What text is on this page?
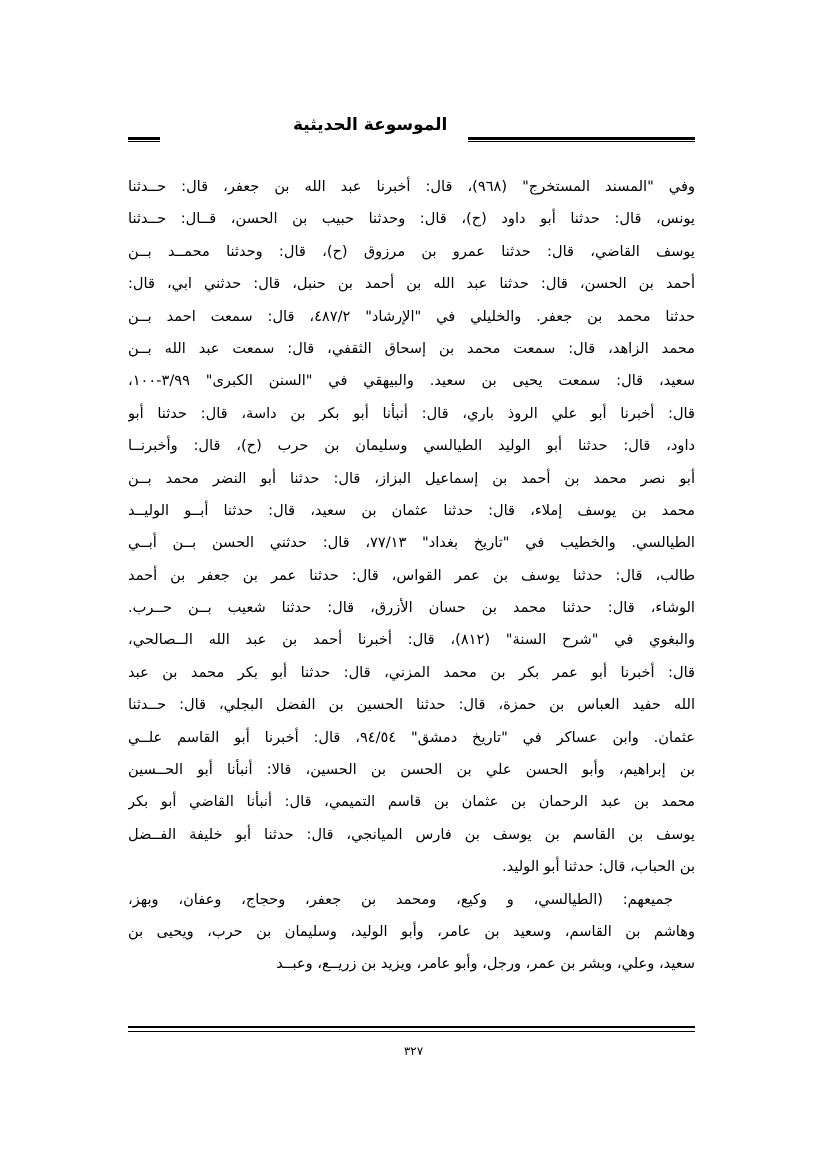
الموسوعة الحديثية
وفي "المسند المستخرج" (٩٦٨)، قال: أخبرنا عبد الله بن جعفر، قال: حــدثنا
يونس، قال: حدثنا أبو داود (ح)، قال: وحدثنا حبيب بن الحسن، قــال: حــدثنا
يوسف القاضي، قال: حدثنا عمرو بن مرزوق (ح)، قال: وحدثنا محمــد بــن
أحمد بن الحسن، قال: حدثنا عبد الله بن أحمد بن حنبل، قال: حدثني ابي، قال:
حدثنا محمد بن جعفر. والخليلي في "الإرشاد" ٤٨٧/٢، قال: سمعت احمد بــن
محمد الزاهد، قال: سمعت محمد بن إسحاق الثقفي، قال: سمعت عبد الله بــن
سعيد، قال: سمعت يحيى بن سعيد. والبيهقي في "السنن الكبرى" ٣/٩٩-١٠٠،
قال: أخبرنا أبو علي الروذ باري، قال: أنبأنا أبو بكر بن داسة، قال: حدثنا أبو
داود، قال: حدثنا أبو الوليد الطيالسي وسليمان بن حرب (ح)، قال: وأخبرنــا
أبو نصر محمد بن أحمد بن إسماعيل البزاز، قال: حدثنا أبو النضر محمد بــن
محمد بن يوسف إملاء، قال: حدثنا عثمان بن سعيد، قال: حدثنا أبــو الوليــد
الطيالسي. والخطيب في "تاريخ بغداد" ٧٧/١٣، قال: حدثني الحسن بــن أبــي
طالب، قال: حدثنا يوسف بن عمر القواس، قال: حدثنا عمر بن جعفر بن أحمد
الوشاء، قال: حدثنا محمد بن حسان الأزرق، قال: حدثنا شعيب بــن حــرب.
والبغوي في "شرح السنة" (٨١٢)، قال: أخبرنا أحمد بن عبد الله الــصالحي،
قال: أخبرنا أبو عمر بكر بن محمد المزني، قال: حدثنا أبو بكر محمد بن عبد
الله حفيد العباس بن حمزة، قال: حدثنا الحسين بن الفضل البجلي، قال: حــدثنا
عثمان. وابن عساكر في "تاريخ دمشق" ٩٤/٥٤، قال: أخبرنا أبو القاسم علــي
بن إبراهيم، وأبو الحسن علي بن الحسن بن الحسين، قالا: أنبأنا أبو الحــسين
محمد بن عبد الرحمان بن عثمان بن قاسم التميمي، قال: أنبأنا القاضي أبو بكر
يوسف بن القاسم بن يوسف بن فارس الميانجي، قال: حدثنا أبو خليفة الفــضل
بن الحباب، قال: حدثنا أبو الوليد.
جميعهم: (الطيالسي، و وكيع، ومحمد بن جعفر، وحجاج، وعفان، وبهز،
وهاشم بن القاسم، وسعيد بن عامر، وأبو الوليد، وسليمان بن حرب، ويحيى بن
سعيد، وعلي، وبشر بن عمر، ورجل، وأبو عامر، ويزيد بن زريــع، وعبــد
٣٢٧
